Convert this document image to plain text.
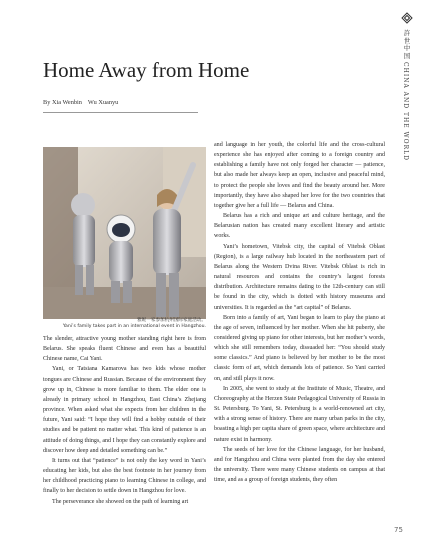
許
世
中
国
CHINA AND THE WORLD
Home Away from Home
By Xia Wenbin Wu Xuanyu
雅妮一家参加杭州国际家庭活动。
Yani’s family takes part in an international event in Hangzhou.

The slender, attractive young mother standing right here is from Belarus. She speaks fluent Chinese and even has a beautiful Chinese name, Cai Yani.

Yani, or Tatsiana Kamarova has two kids whose mother tongues are Chinese and Russian. Because of the environment they grow up in, Chinese is more familiar to them. The elder one is already in primary school in Hangzhou, East China’s Zhejiang province. When asked what she expects from her children in the future, Yani said: “I hope they will find a hobby outside of their studies and be patient no matter what. This kind of patience is an attitude of doing things, and I hope they can constantly explore and discover how deep and detailed something can be.”

It turns out that “patience” is not only the key word in Yani’s educating her kids, but also the best footnote in her journey from her childhood practicing piano to learning Chinese in college, and finally to her decision to settle down in Hangzhou for love.

The perseverance she showed on the path of learning art

and language in her youth, the colorful life and the cross-cultural experience she has enjoyed after coming to a foreign country and establishing a family have not only forged her character — patience, but also made her always keep an open, inclusive and peaceful mind, to protect the people she loves and find the beauty around her. More importantly, they have also shaped her love for the two countries that together give her a full life — Belarus and China.

Belarus has a rich and unique art and culture heritage, and the Belarusian nation has created many excellent literary and artistic works.

Yani’s hometown, Vitebsk city, the capital of Vitebsk Oblast (Region), is a large railway hub located in the northeastern part of Belarus along the Western Dvina River. Vitebsk Oblast is rich in natural resources and contains the country’s largest forests distribution. Architecture remains dating to the 12th-century can still be found in the city, which is dotted with history museums and universities. It is regarded as the “art capital” of Belarus.

Born into a family of art, Yani began to learn to play the piano at the age of seven, influenced by her mother. When she hit puberty, she considered giving up piano for other interests, but her mother’s words, which she still remembers today, dissuaded her: “You should study some classics.” And piano is believed by her mother to be the most classic form of art, which demands lots of patience. So Yani carried on, and still plays it now.

In 2005, she went to study at the Institute of Music, Theatre, and Choreography at the Herzen State Pedagogical University of Russia in St. Petersburg. To Yani, St. Petersburg is a world-renowned art city, with a strong sense of history. There are many urban parks in the city, boasting a high per capita share of green space, where architecture and nature exist in harmony.

The seeds of her love for the Chinese language, for her husband, and for Hangzhou and China were planted from the day she entered the university. There were many Chinese students on campus at that time, and as a group of foreign students, they often

75
